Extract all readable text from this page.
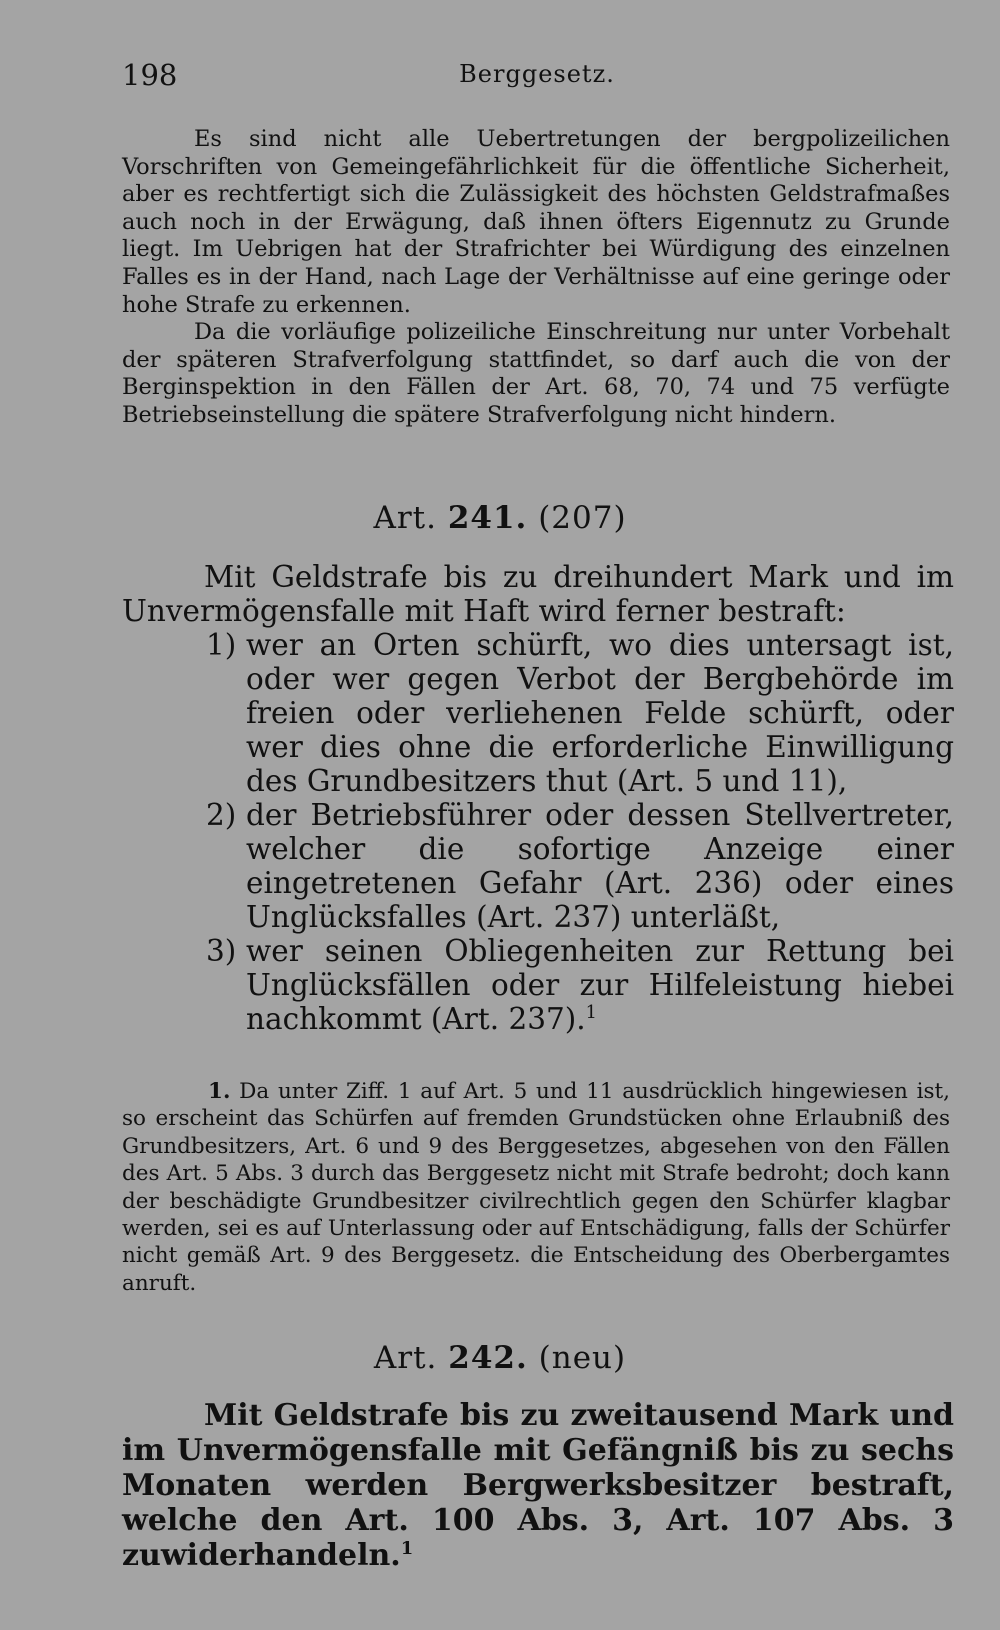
198	Berggesetz.

Es sind nicht alle Uebertretungen der bergpolizeilichen Vorschriften von Gemeingefährlichkeit für die öffentliche Sicherheit, aber es rechtfertigt sich die Zulässigkeit des höchsten Geldstrafmaßes auch noch in der Erwägung, daß ihnen öfters Eigennutz zu Grunde liegt. Im Uebrigen hat der Strafrichter bei Würdigung des einzelnen Falles es in der Hand, nach Lage der Verhältnisse auf eine geringe oder hohe Strafe zu erkennen.

Da die vorläufige polizeiliche Einschreitung nur unter Vorbehalt der späteren Strafverfolgung stattfindet, so darf auch die von der Berginspektion in den Fällen der Art. 68, 70, 74 und 75 verfügte Betriebseinstellung die spätere Strafverfolgung nicht hindern.

Art. 241. (207)

Mit Geldstrafe bis zu dreihundert Mark und im Unvermögensfalle mit Haft wird ferner bestraft:

1) wer an Orten schürft, wo dies untersagt ist, oder wer gegen Verbot der Bergbehörde im freien oder verliehenen Felde schürft, oder wer dies ohne die erforderliche Einwilligung des Grundbesitzers thut (Art. 5 und 11),
2) der Betriebsführer oder dessen Stellvertreter, welcher die sofortige Anzeige einer eingetretenen Gefahr (Art. 236) oder eines Unglücksfalles (Art. 237) unterläßt,
3) wer seinen Obliegenheiten zur Rettung bei Unglücksfällen oder zur Hilfeleistung hiebei nachkommt (Art. 237).$^1$

1. Da unter Ziff. 1 auf Art. 5 und 11 ausdrücklich hingewiesen ist, so erscheint das Schürfen auf fremden Grundstücken ohne Erlaubniß des Grundbesitzers, Art. 6 und 9 des Berggesetzes, abgesehen von den Fällen des Art. 5 Abs. 3 durch das Berggesetz nicht mit Strafe bedroht; doch kann der beschädigte Grundbesitzer civilrechtlich gegen den Schürfer klagbar werden, sei es auf Unterlassung oder auf Entschädigung, falls der Schürfer nicht gemäß Art. 9 des Berggesetz. die Entscheidung des Oberbergamtes anruft.

Art. 242. (neu)

Mit Geldstrafe bis zu zweitausend Mark und im Unvermögensfalle mit Gefängniß bis zu sechs Monaten werden Bergwerksbesitzer bestraft, welche den Art. 100 Abs. 3, Art. 107 Abs. 3 zuwiderhandeln.$^1$
